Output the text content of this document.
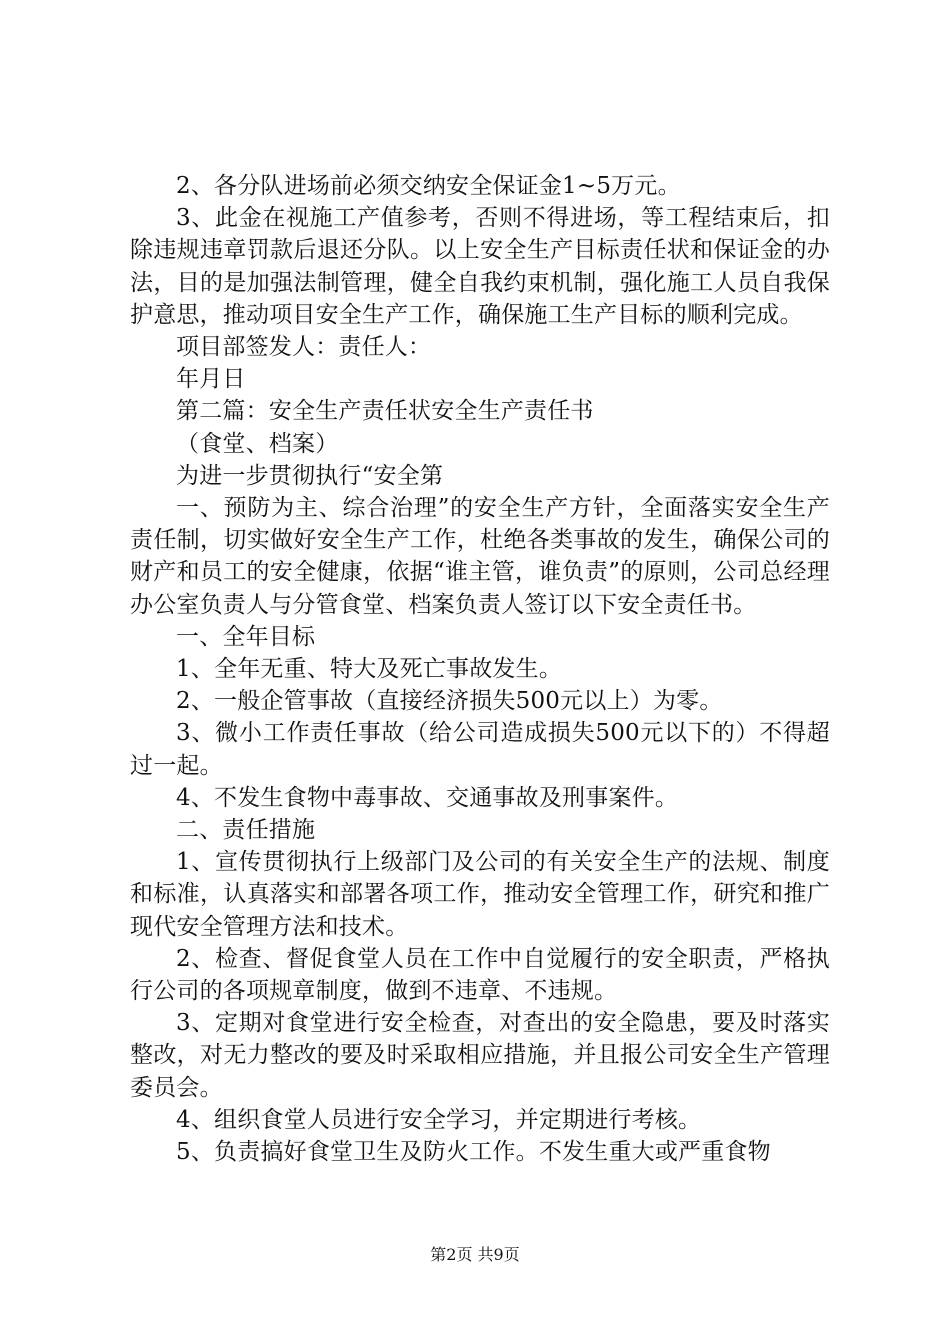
2、各分队进场前必须交纳安全保证金1~5万元。

3、此金在视施工产值参考，否则不得进场，等工程结束后，扣除违规违章罚款后退还分队。以上安全生产目标责任状和保证金的办法，目的是加强法制管理，健全自我约束机制，强化施工人员自我保护意思，推动项目安全生产工作，确保施工生产目标的顺利完成。

项目部签发人：责任人：

年月日

第二篇：安全生产责任状安全生产责任书

（食堂、档案）

为进一步贯彻执行“安全第

一、预防为主、综合治理”的安全生产方针，全面落实安全生产责任制，切实做好安全生产工作，杜绝各类事故的发生，确保公司的财产和员工的安全健康，依据“谁主管，谁负责”的原则，公司总经理办公室负责人与分管食堂、档案负责人签订以下安全责任书。

一、全年目标

1、全年无重、特大及死亡事故发生。

2、一般企管事故（直接经济损失500元以上）为零。

3、微小工作责任事故（给公司造成损失500元以下的）不得超过一起。

4、不发生食物中毒事故、交通事故及刑事案件。

二、责任措施

1、宣传贯彻执行上级部门及公司的有关安全生产的法规、制度和标准，认真落实和部署各项工作，推动安全管理工作，研究和推广现代安全管理方法和技术。

2、检查、督促食堂人员在工作中自觉履行的安全职责，严格执行公司的各项规章制度，做到不违章、不违规。

3、定期对食堂进行安全检查，对查出的安全隐患，要及时落实整改，对无力整改的要及时采取相应措施，并且报公司安全生产管理委员会。

4、组织食堂人员进行安全学习，并定期进行考核。

5、负责搞好食堂卫生及防火工作。不发生重大或严重食物

第2页 共9页
